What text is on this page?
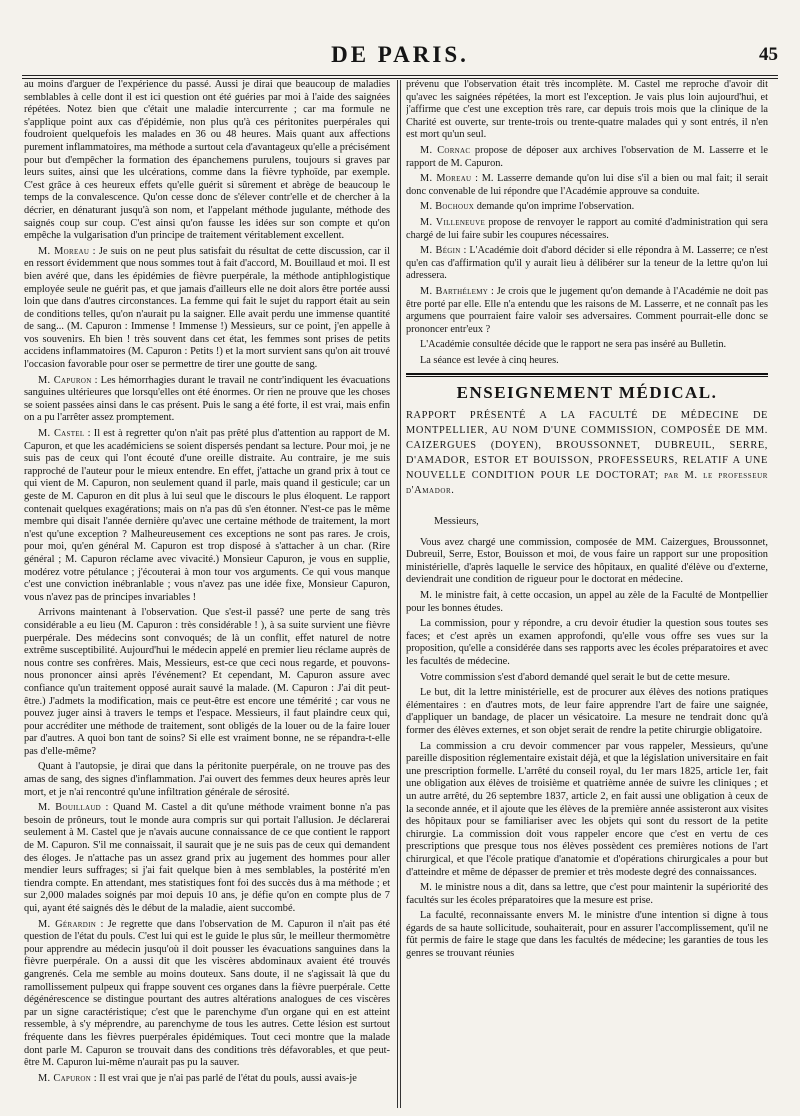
DE PARIS.	45

au moins d'arguer de l'expérience du passé. Aussi je dirai que beaucoup de maladies semblables à celle dont il est ici question ont été guéries par moi à l'aide des saignées répétées. Notez bien que c'était une maladie intercurrente ; car ma formule ne s'applique point aux cas d'épidémie, non plus qu'à ces péritonites puerpérales qui foudroient quelquefois les malades en 36 ou 48 heures. Mais quant aux affections purement inflammatoires, ma méthode a surtout cela d'avantageux qu'elle a précisément pour but d'empêcher la formation des épanchemens purulens, toujours si graves par leurs suites, ainsi que les ulcérations, comme dans la fièvre typhoïde, par exemple. C'est grâce à ces heureux effets qu'elle guérit si sûrement et abrège de beaucoup le temps de la convalescence. Qu'on cesse donc de s'élever contr'elle et de chercher à la décrier, en dénaturant jusqu'à son nom, et l'appelant méthode jugulante, méthode des saignés coup sur coup. C'est ainsi qu'on fausse les idées sur son compte et qu'on empêche la vulgarisation d'un principe de traitement véritablement excellent.

M. Moreau : Je suis on ne peut plus satisfait du résultat de cette discussion, car il en ressort évidemment que nous sommes tout à fait d'accord, M. Bouillaud et moi. Il est bien avéré que, dans les épidémies de fièvre puerpérale, la méthode antiphlogistique employée seule ne guérit pas, et que jamais d'ailleurs elle ne doit alors être portée aussi loin que dans d'autres circonstances. La femme qui fait le sujet du rapport était au sein de conditions telles, qu'on n'aurait pu la saigner. Elle avait perdu une immense quantité de sang... (M. Capuron : Immense ! Immense !) Messieurs, sur ce point, j'en appelle à vos souvenirs. Eh bien ! très souvent dans cet état, les femmes sont prises de petits accidens inflammatoires (M. Capuron : Petits !) et la mort survient sans qu'on ait trouvé l'occasion favorable pour oser se permettre de tirer une goutte de sang.

M. Capuron : Les hémorrhagies durant le travail ne contr'indiquent les évacuations sanguines ultérieures que lorsqu'elles ont été énormes. Or rien ne prouve que les choses se soient passées ainsi dans le cas présent. Puis le sang a été forte, il est vrai, mais enfin on a pu l'arrêter assez promptement.

M. Castel : Il est à regretter qu'on n'ait pas prêté plus d'attention au rapport de M. Capuron, et que les académiciens se soient dispersés pendant sa lecture. Pour moi, je ne suis pas de ceux qui l'ont écouté d'une oreille distraite. Au contraire, je me suis rapproché de l'auteur pour le mieux entendre. En effet, j'attache un grand prix à tout ce qui vient de M. Capuron, non seulement quand il parle, mais quand il gesticule; car un geste de M. Capuron en dit plus à lui seul que le discours le plus éloquent. Le rapport contenait quelques exagérations; mais on n'a pas dû s'en étonner. N'est-ce pas le même membre qui disait l'année dernière qu'avec une certaine méthode de traitement, la mort n'est qu'une exception ? Malheureusement ces exceptions ne sont pas rares. Je crois, pour moi, qu'en général M. Capuron est trop disposé à s'attacher à un char. (Rire général ; M. Capuron réclame avec vivacité.) Monsieur Capuron, je vous en supplie, modérez votre pétulance ; j'écouterai à mon tour vos arguments. Ce qui vous manque c'est une conviction inébranlable ; vous n'avez pas une idée fixe, Monsieur Capuron, vous n'avez pas de principes invariables !

Arrivons maintenant à l'observation. Que s'est-il passé? une perte de sang très considérable a eu lieu (M. Capuron : très considérable ! ), à sa suite survient une fièvre puerpérale. Des médecins sont convoqués; de là un conflit, effet naturel de notre extrême susceptibilité. Aujourd'hui le médecin appelé en premier lieu réclame auprès de nous contre ses confrères. Mais, Messieurs, est-ce que ceci nous regarde, et pouvons-nous prononcer ainsi après l'événement? Et cependant, M. Capuron assure avec confiance qu'un traitement opposé aurait sauvé la malade. (M. Capuron : J'ai dit peut-être.) J'admets la modification, mais ce peut-être est encore une témérité ; car vous ne pouvez juger ainsi à travers le temps et l'espace. Messieurs, il faut plaindre ceux qui, pour accréditer une méthode de traitement, sont obligés de la louer ou de la faire louer par d'autres. A quoi bon tant de soins? Si elle est vraiment bonne, ne se répandra-t-elle pas d'elle-même?

Quant à l'autopsie, je dirai que dans la péritonite puerpérale, on ne trouve pas des amas de sang, des signes d'inflammation. J'ai ouvert des femmes deux heures après leur mort, et je n'ai rencontré qu'une infiltration générale de sérosité.

M. Bouillaud : Quand M. Castel a dit qu'une méthode vraiment bonne n'a pas besoin de prôneurs, tout le monde aura compris sur qui portait l'allusion. Je déclarerai seulement à M. Castel que je n'avais aucune connaissance de ce que contient le rapport de M. Capuron. S'il me connaissait, il saurait que je ne suis pas de ceux qui demandent des éloges. Je n'attache pas un assez grand prix au jugement des hommes pour aller mendier leurs suffrages; si j'ai fait quelque bien à mes semblables, la postérité m'en tiendra compte. En attendant, mes statistiques font foi des succès dus à ma méthode ; et sur 2,000 malades soignés par moi depuis 10 ans, je défie qu'on en compte plus de 7 qui, ayant été saignés dès le début de la maladie, aient succombé.

M. Gérardin : Je regrette que dans l'observation de M. Capuron il n'ait pas été question de l'état du pouls. C'est lui qui est le guide le plus sûr, le meilleur thermomètre pour apprendre au médecin jusqu'où il doit pousser les évacuations sanguines dans la fièvre puerpérale. On a aussi dit que les viscères abdominaux avaient été trouvés gangrenés. Cela me semble au moins douteux. Sans doute, il ne s'agissait là que du ramollissement pulpeux qui frappe souvent ces organes dans la fièvre puerpérale. Cette dégénérescence se distingue pourtant des autres altérations analogues de ces viscères par un signe caractéristique; c'est que le parenchyme d'un organe qui en est atteint ressemble, à s'y méprendre, au parenchyme de tous les autres. Cette lésion est surtout fréquente dans les fièvres puerpérales épidémiques. Tout ceci montre que la malade dont parle M. Capuron se trouvait dans des conditions très défavorables, et que peut-être M. Capuron lui-même n'aurait pas pu la sauver.

M. Capuron : Il est vrai que je n'ai pas parlé de l'état du pouls, aussi avais-je

prévenu que l'observation était très incomplète. M. Castel me reproche d'avoir dit qu'avec les saignées répétées, la mort est l'exception. Je vais plus loin aujourd'hui, et j'affirme que c'est une exception très rare, car depuis trois mois que la clinique de la Charité est ouverte, sur trente-trois ou trente-quatre malades qui y sont entrés, il n'en est mort qu'un seul.

M. Cornac propose de déposer aux archives l'observation de M. Lasserre et le rapport de M. Capuron.

M. Moreau : M. Lasserre demande qu'on lui dise s'il a bien ou mal fait; il serait donc convenable de lui répondre que l'Académie approuve sa conduite.

M. Bochoux demande qu'on imprime l'observation.

M. Villeneuve propose de renvoyer le rapport au comité d'administration qui sera chargé de lui faire subir les coupures nécessaires.

M. Bégin : L'Académie doit d'abord décider si elle répondra à M. Lasserre; ce n'est qu'en cas d'affirmation qu'il y aurait lieu à délibérer sur la teneur de la lettre qu'on lui adressera.

M. Barthélemy : Je crois que le jugement qu'on demande à l'Académie ne doit pas être porté par elle. Elle n'a entendu que les raisons de M. Lasserre, et ne connaît pas les argumens que pourraient faire valoir ses adversaires. Comment pourrait-elle donc se prononcer entr'eux ?

L'Académie consultée décide que le rapport ne sera pas inséré au Bulletin.

La séance est levée à cinq heures.

ENSEIGNEMENT MÉDICAL.

RAPPORT PRÉSENTÉ A LA FACULTÉ DE MÉDECINE DE MONTPELLIER, AU NOM D'UNE COMMISSION, COMPOSÉE DE MM. CAIZERGUES (DOYEN), BROUSSONNET, DUBREUIL, SERRE, D'AMADOR, ESTOR ET BOUISSON, PROFESSEURS, RELATIF A UNE NOUVELLE CONDITION POUR LE DOCTORAT; par M. le professeur d'Amador.

Messieurs,

Vous avez chargé une commission, composée de MM. Caizergues, Broussonnet, Dubreuil, Serre, Estor, Bouisson et moi, de vous faire un rapport sur une proposition ministérielle, d'après laquelle le service des hôpitaux, en qualité d'élève ou d'externe, deviendrait une condition de rigueur pour le doctorat en médecine.

M. le ministre fait, à cette occasion, un appel au zèle de la Faculté de Montpellier pour les bonnes études.

La commission, pour y répondre, a cru devoir étudier la question sous toutes ses faces; et c'est après un examen approfondi, qu'elle vous offre ses vues sur la proposition, qu'elle a considérée dans ses rapports avec les écoles préparatoires et avec les facultés de médecine.

Votre commission s'est d'abord demandé quel serait le but de cette mesure.

Le but, dit la lettre ministérielle, est de procurer aux élèves des notions pratiques élémentaires : en d'autres mots, de leur faire apprendre l'art de faire une saignée, d'appliquer un bandage, de placer un vésicatoire. La mesure ne tendrait donc qu'à former des élèves externes, et son objet serait de rendre la petite chirurgie obligatoire.

La commission a cru devoir commencer par vous rappeler, Messieurs, qu'une pareille disposition réglementaire existait déjà, et que la législation universitaire en fait une prescription formelle. L'arrêté du conseil royal, du 1er mars 1825, article 1er, fait une obligation aux élèves de troisième et quatrième année de suivre les cliniques ; et un autre arrêté, du 26 septembre 1837, article 2, en fait aussi une obligation à ceux de la seconde année, et il ajoute que les élèves de la première année assisteront aux visites des hôpitaux pour se familiariser avec les objets qui sont du ressort de la petite chirurgie. La commission doit vous rappeler encore que c'est en vertu de ces prescriptions que presque tous nos élèves possèdent ces premières notions de l'art chirurgical, et que l'école pratique d'anatomie et d'opérations chirurgicales a pour but d'atteindre et même de dépasser de premier et très modeste degré des connaissances.

M. le ministre nous a dit, dans sa lettre, que c'est pour maintenir la supériorité des facultés sur les écoles préparatoires que la mesure est prise.

La faculté, reconnaissante envers M. le ministre d'une intention si digne à tous égards de sa haute sollicitude, souhaiterait, pour en assurer l'accomplissement, qu'il ne fût permis de faire le stage que dans les facultés de médecine; les garanties de tous les genres se trouvant réunies
